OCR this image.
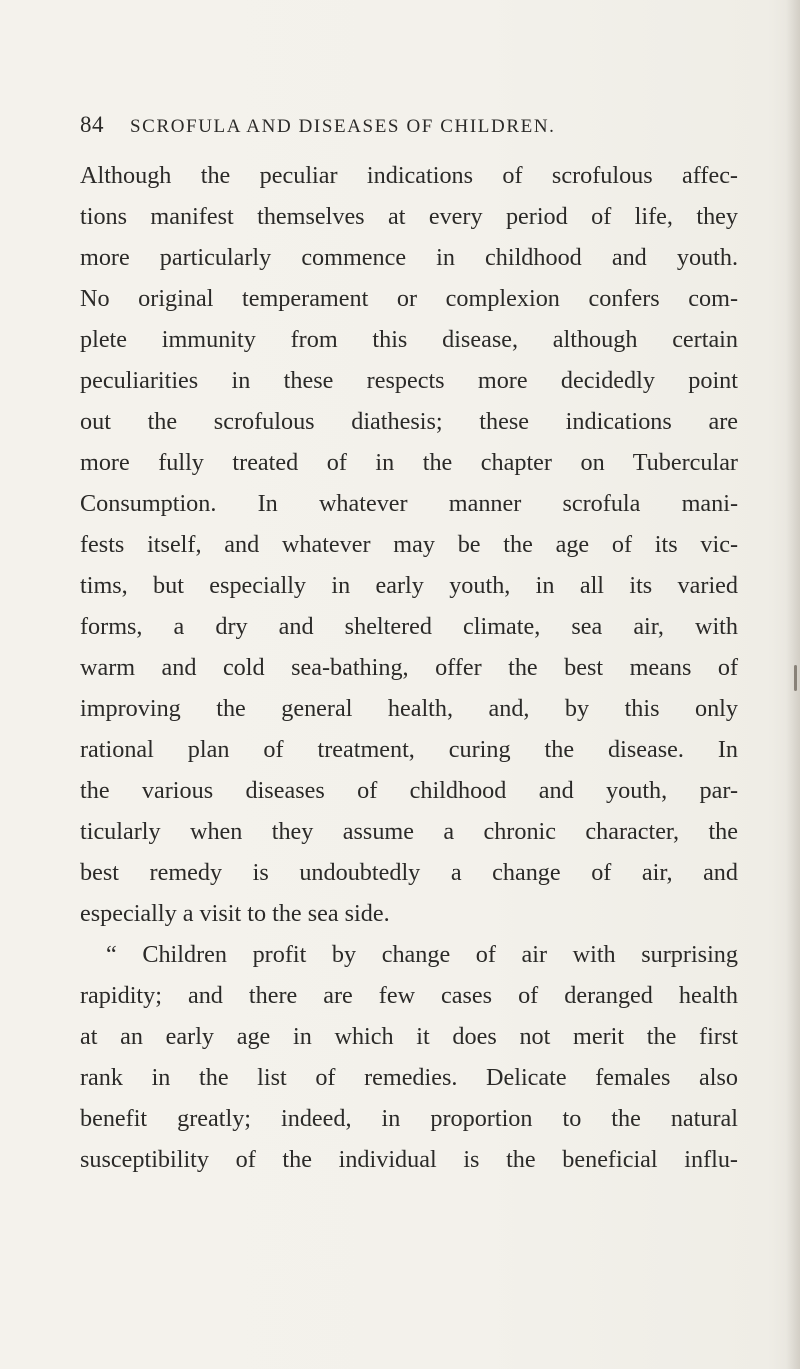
84 SCROFULA AND DISEASES OF CHILDREN.
Although the peculiar indications of scrofulous affec-
tions manifest themselves at every period of life, they
more particularly commence in childhood and youth.
No original temperament or complexion confers com-
plete immunity from this disease, although certain
peculiarities in these respects more decidedly point
out the scrofulous diathesis; these indications are
more fully treated of in the chapter on Tubercular
Consumption. In whatever manner scrofula mani-
fests itself, and whatever may be the age of its vic-
tims, but especially in early youth, in all its varied
forms, a dry and sheltered climate, sea air, with
warm and cold sea-bathing, offer the best means of
improving the general health, and, by this only
rational plan of treatment, curing the disease. In
the various diseases of childhood and youth, par-
ticularly when they assume a chronic character, the
best remedy is undoubtedly a change of air, and
especially a visit to the sea side.
“ Children profit by change of air with surprising
rapidity; and there are few cases of deranged health
at an early age in which it does not merit the first
rank in the list of remedies. Delicate females also
benefit greatly; indeed, in proportion to the natural
susceptibility of the individual is the beneficial influ-
